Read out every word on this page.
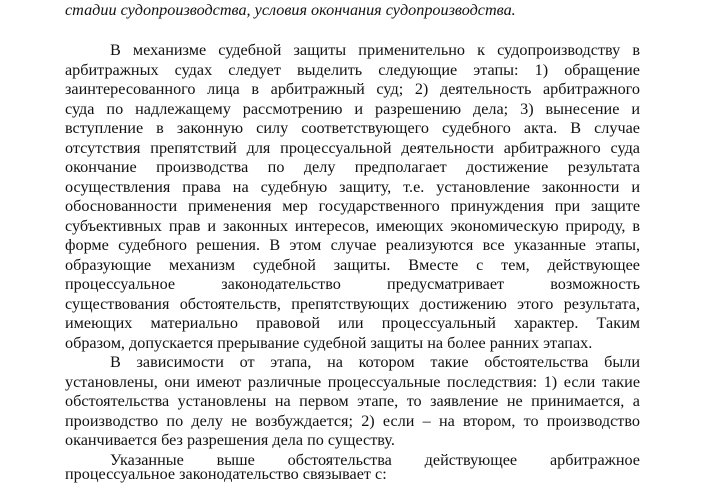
стадии судопроизводства, условия окончания судопроизводства.
В механизме судебной защиты применительно к судопроизводству в
арбитражных судах следует выделить следующие этапы: 1) обращение
заинтересованного лица в арбитражный суд; 2) деятельность арбитражного
суда по надлежащему рассмотрению и разрешению дела; 3) вынесение и
вступление в законную силу соответствующего судебного акта. В случае
отсутствия препятствий для процессуальной деятельности арбитражного суда
окончание производства по делу предполагает достижение результата
осуществления права на судебную защиту, т.е. установление законности и
обоснованности применения мер государственного принуждения при защите
субъективных прав и законных интересов, имеющих экономическую природу, в
форме судебного решения. В этом случае реализуются все указанные этапы,
образующие механизм судебной защиты. Вместе с тем, действующее
процессуальное законодательство предусматривает возможность
существования обстоятельств, препятствующих достижению этого результата,
имеющих материально правовой или процессуальный характер. Таким
образом, допускается прерывание судебной защиты на более ранних этапах.
В зависимости от этапа, на котором такие обстоятельства были
установлены, они имеют различные процессуальные последствия: 1) если такие
обстоятельства установлены на первом этапе, то заявление не принимается, а
производство по делу не возбуждается; 2) если – на втором, то производство
оканчивается без разрешения дела по существу.
Указанные выше обстоятельства действующее арбитражное
процессуальное законодательство связывает с:
